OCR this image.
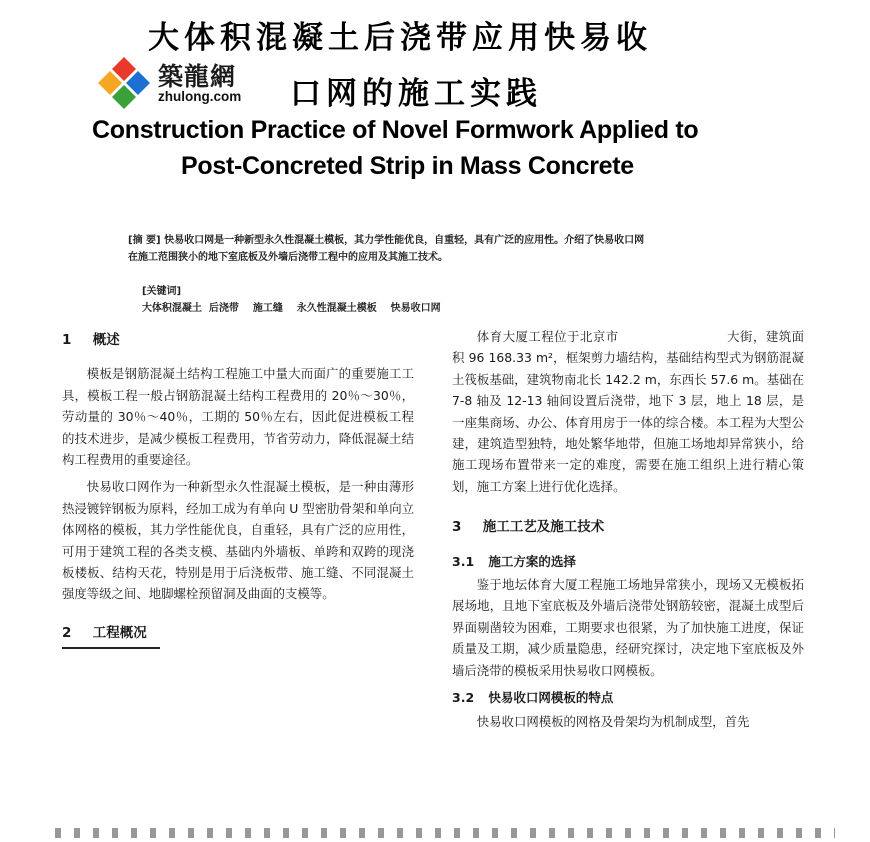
大体积混凝土后浇带应用快易收
築龍網
zhulong.com 口网的施工实践
Construction Practice of Novel Formwork Applied to
Post-Concreted Strip in Mass Concrete
[摘 要] 快易收口网是一种新型永久性混凝土模板，其力学性能优良，自重轻，具有广泛的应用性。介绍了快易收口网
在施工范围狭小的地下室底板及外墙后浇带工程中的应用及其施工技术。

[关键词]
大体积混凝土  后浇带    施工缝    永久性混凝土模板    快易收口网

1 概述

模板是钢筋混凝土结构工程施工中量大而面广的重要施工工具，模板工程一般占钢筋混凝土结构工程费用的 20％～30％，劳动量的 30％～40％，工期的 50％左右，因此促进模板工程的技术进步，是减少模板工程费用，节省劳动力，降低混凝土结构工程费用的重要途径。

快易收口网作为一种新型永久性混凝土模板，是一种由薄形热浸镀锌钢板为原料，经加工成为有单向 U 型密肋骨架和单向立体网格的模板，其力学性能优良，自重轻，具有广泛的应用性，可用于建筑工程的各类支模、基础内外墙板、单跨和双跨的现浇板楼板、结构天花，特别是用于后浇板带、施工缝、不同混凝土强度等级之间、地脚螺栓预留洞及曲面的支模等。

2 工程概况

体育大厦工程位于北京市	大街，建筑面积 96 168.33 m²，框架剪力墙结构，基础结构型式为钢筋混凝土筏板基础，建筑物南北长 142.2 m，东西长 57.6 m。基础在 7-8 轴及 12-13 轴间设置后浇带，地下 3 层，地上 18 层，是一座集商场、办公、体育用房于一体的综合楼。本工程为大型公建，建筑造型独特，地处繁华地带，但施工场地却异常狭小，给施工现场布置带来一定的难度，需要在施工组织上进行精心策划，施工方案上进行优化选择。

3 施工工艺及施工技术
3.1 施工方案的选择

鉴于地坛体育大厦工程施工场地异常狭小，现场又无模板拓展场地，且地下室底板及外墙后浇带处钢筋较密，混凝土成型后界面剔凿较为困难，工期要求也很紧，为了加快施工进度，保证质量及工期，减少质量隐患，经研究探讨，决定地下室底板及外墙后浇带的模板采用快易收口网模板。

3.2 快易收口网模板的特点

快易收口网模板的网格及骨架均为机制成型，首先
